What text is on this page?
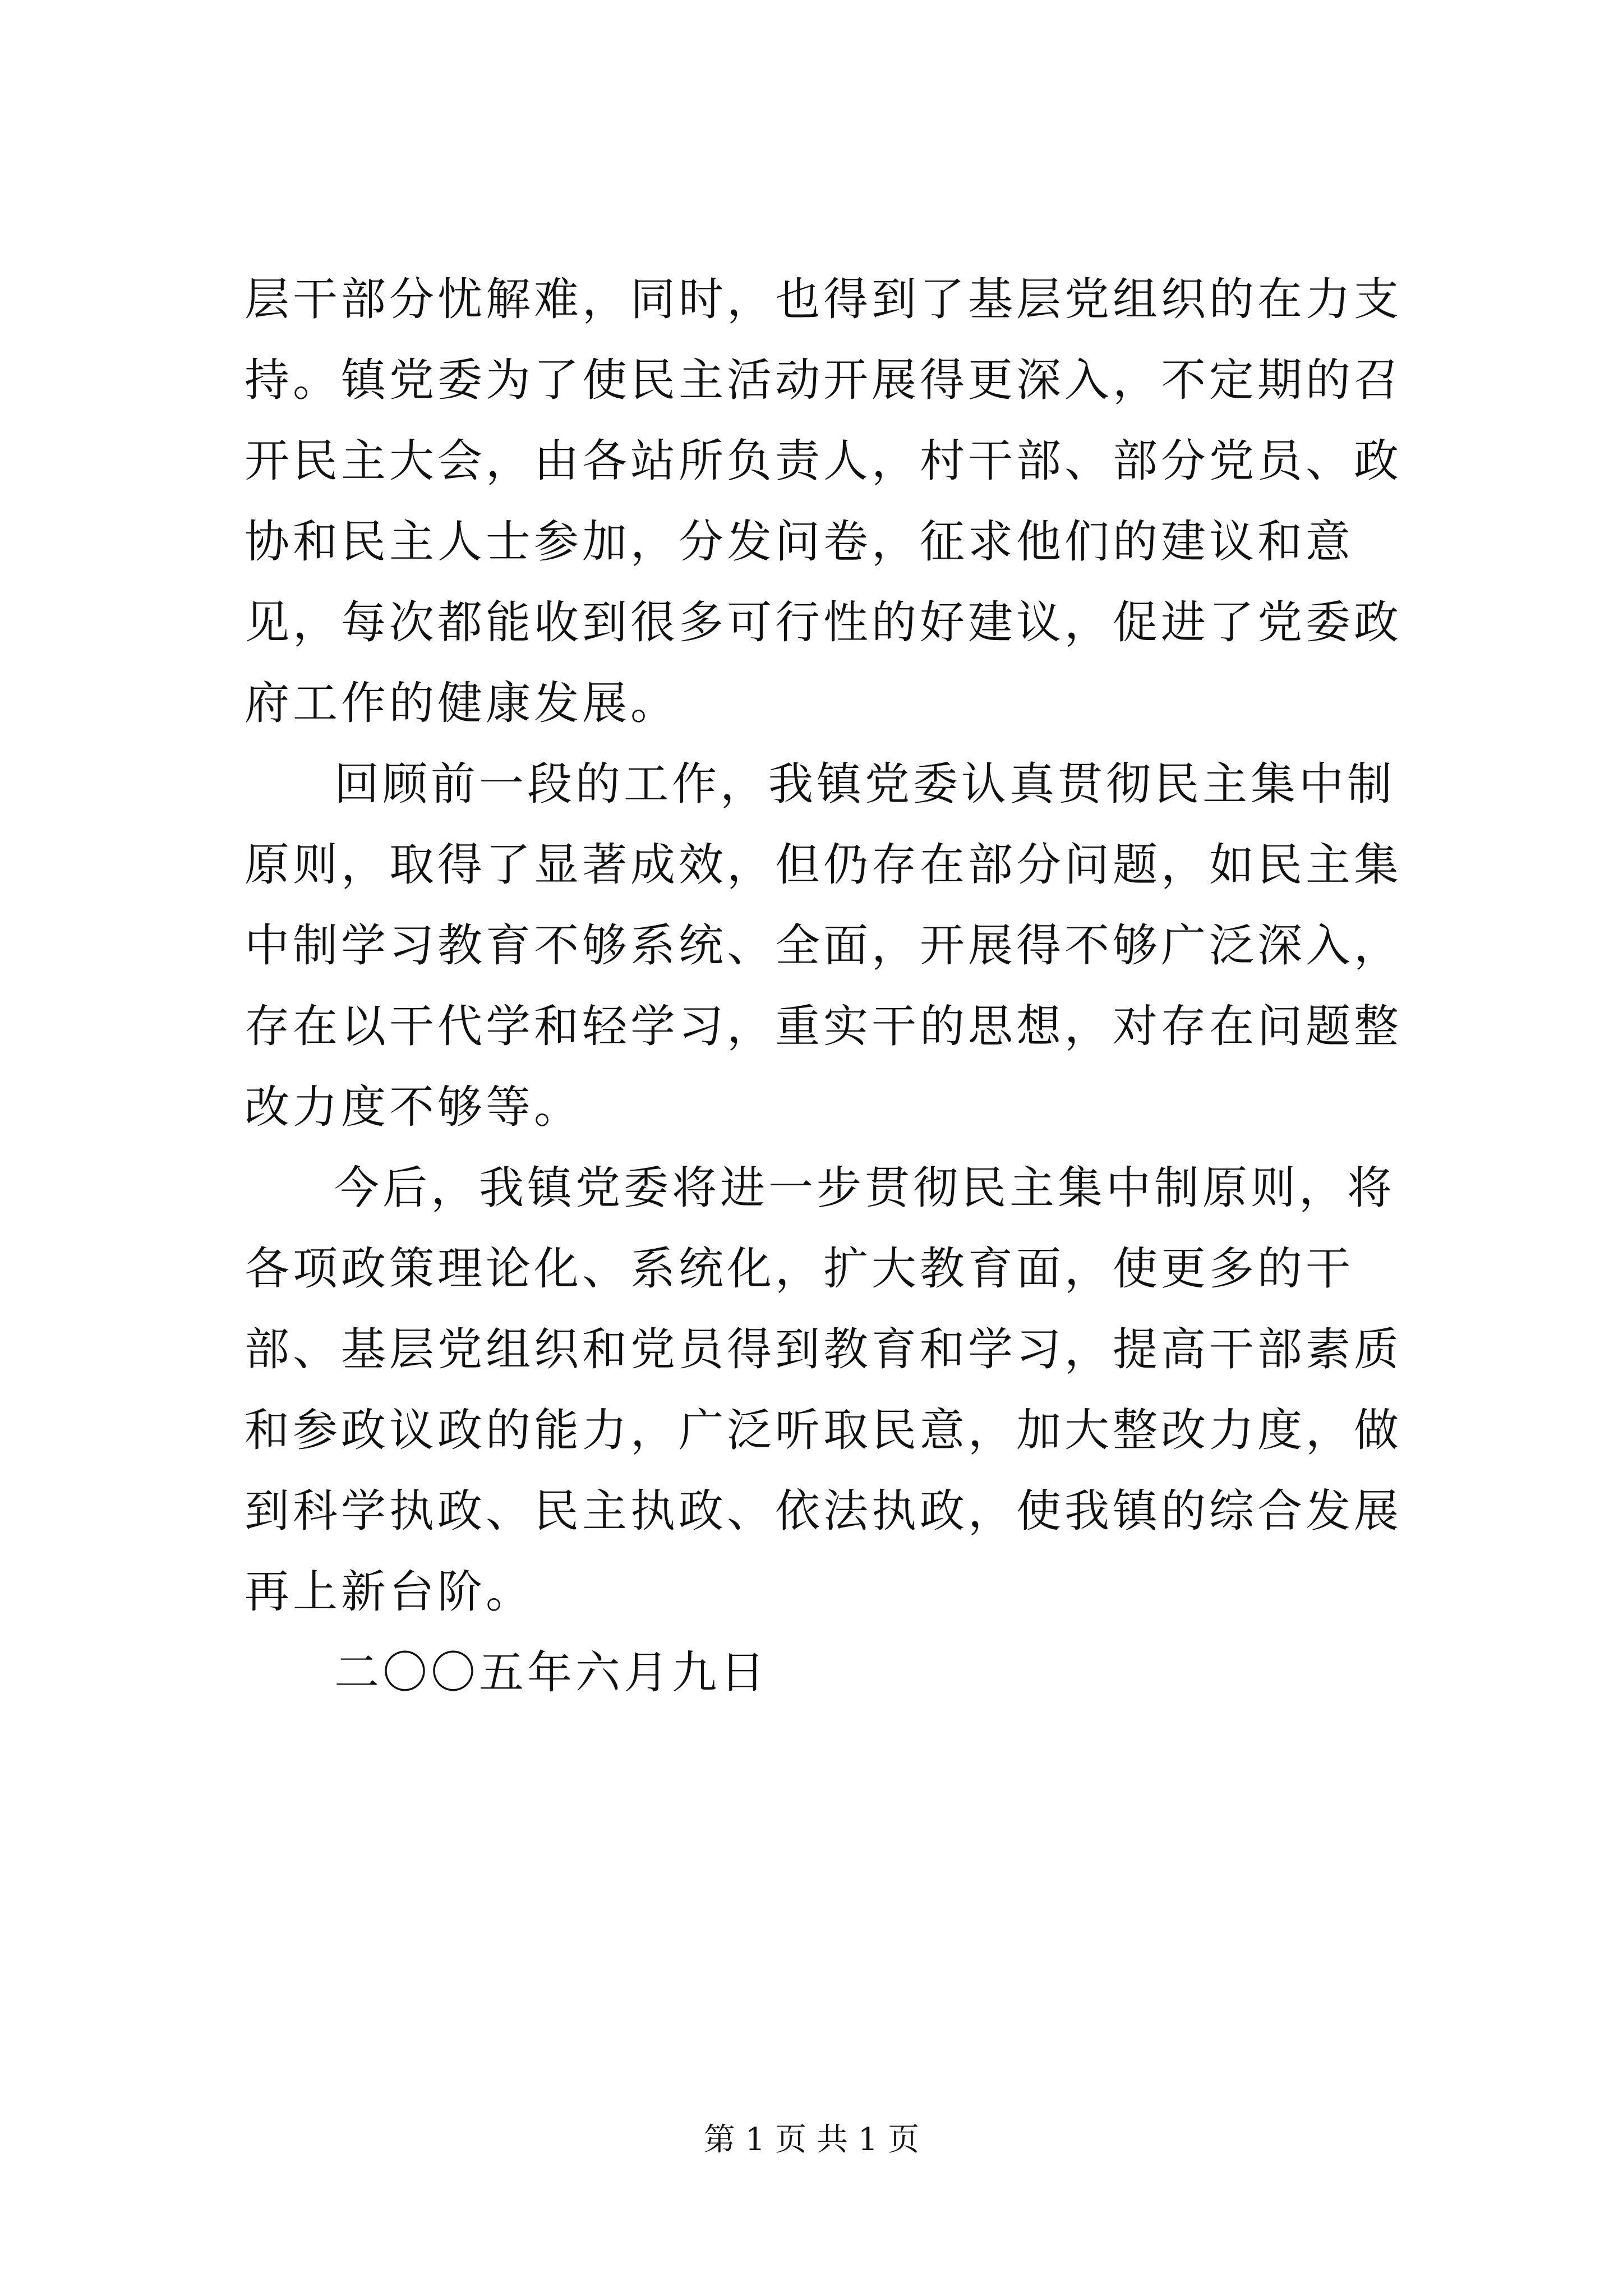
层干部分忧解难，同时，也得到了基层党组织的在力支持。镇党委为了使民主活动开展得更深入，不定期的召开民主大会，由各站所负责人，村干部、部分党员、政协和民主人士参加，分发问卷，征求他们的建议和意见，每次都能收到很多可行性的好建议，促进了党委政府工作的健康发展。

回顾前一段的工作，我镇党委认真贯彻民主集中制原则，取得了显著成效，但仍存在部分问题，如民主集中制学习教育不够系统、全面，开展得不够广泛深入，存在以干代学和轻学习，重实干的思想，对存在问题整改力度不够等。

今后，我镇党委将进一步贯彻民主集中制原则，将各项政策理论化、系统化，扩大教育面，使更多的干部、基层党组织和党员得到教育和学习，提高干部素质和参政议政的能力，广泛听取民意，加大整改力度，做到科学执政、民主执政、依法执政，使我镇的综合发展再上新台阶。

二〇〇五年六月九日

第 1 页 共 1 页
